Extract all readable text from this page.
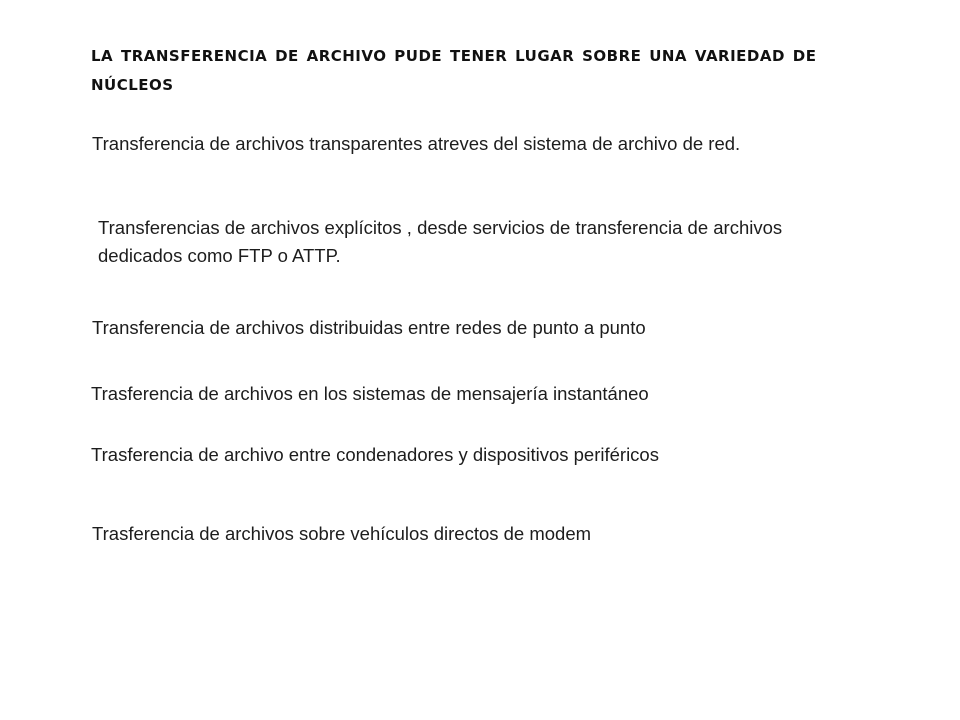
la transferencia de archivo pude tener lugar sobre una variedad de núcleos

Transferencia de archivos transparentes atreves del sistema de archivo de red.

Transferencias de archivos explícitos , desde servicios de transferencia de archivos dedicados como FTP o ATTP.

Transferencia de archivos distribuidas entre redes de punto a punto

Trasferencia de archivos en los sistemas de mensajería instantáneo

Trasferencia de archivo entre condenadores y dispositivos periféricos

Trasferencia de archivos sobre vehículos directos de modem
